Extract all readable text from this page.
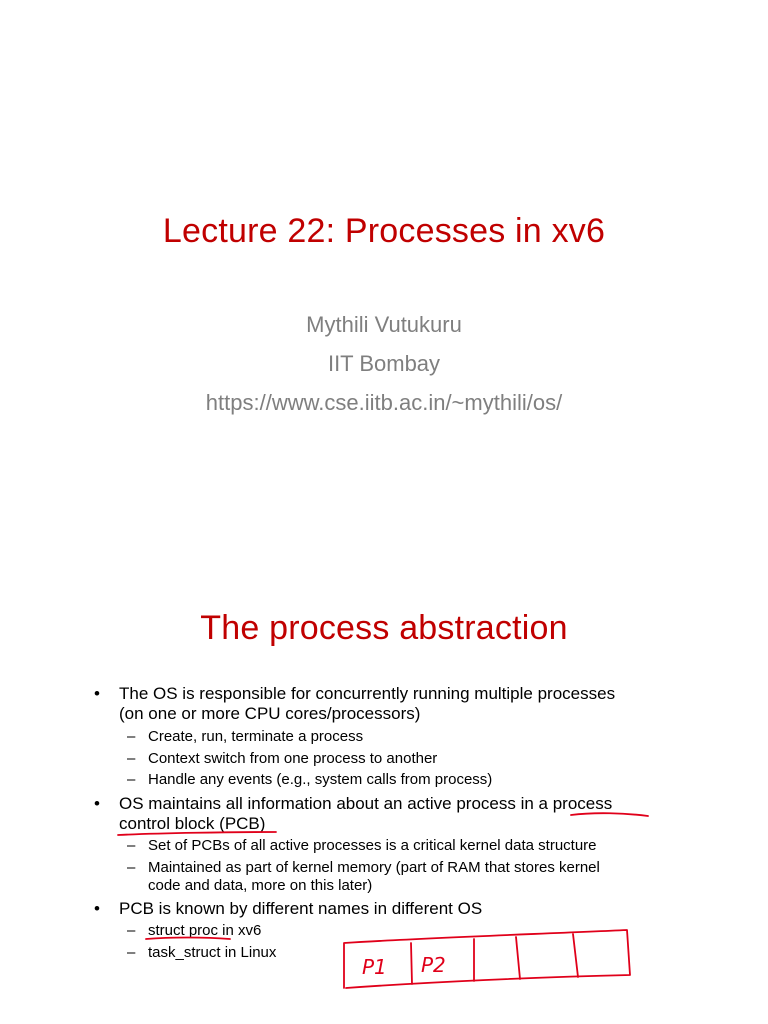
Lecture 22: Processes in xv6
Mythili Vutukuru
IIT Bombay
https://www.cse.iitb.ac.in/~mythili/os/
The process abstraction
• The OS is responsible for concurrently running multiple processes
(on one or more CPU cores/processors)
– Create, run, terminate a process
– Context switch from one process to another
– Handle any events (e.g., system calls from process)
• OS maintains all information about an active process in a process
control block (PCB)
– Set of PCBs of all active processes is a critical kernel data structure
– Maintained as part of kernel memory (part of RAM that stores kernel
code and data, more on this later)
• PCB is known by different names in different OS
– struct proc in xv6
– task_struct in Linux
P1 P2
